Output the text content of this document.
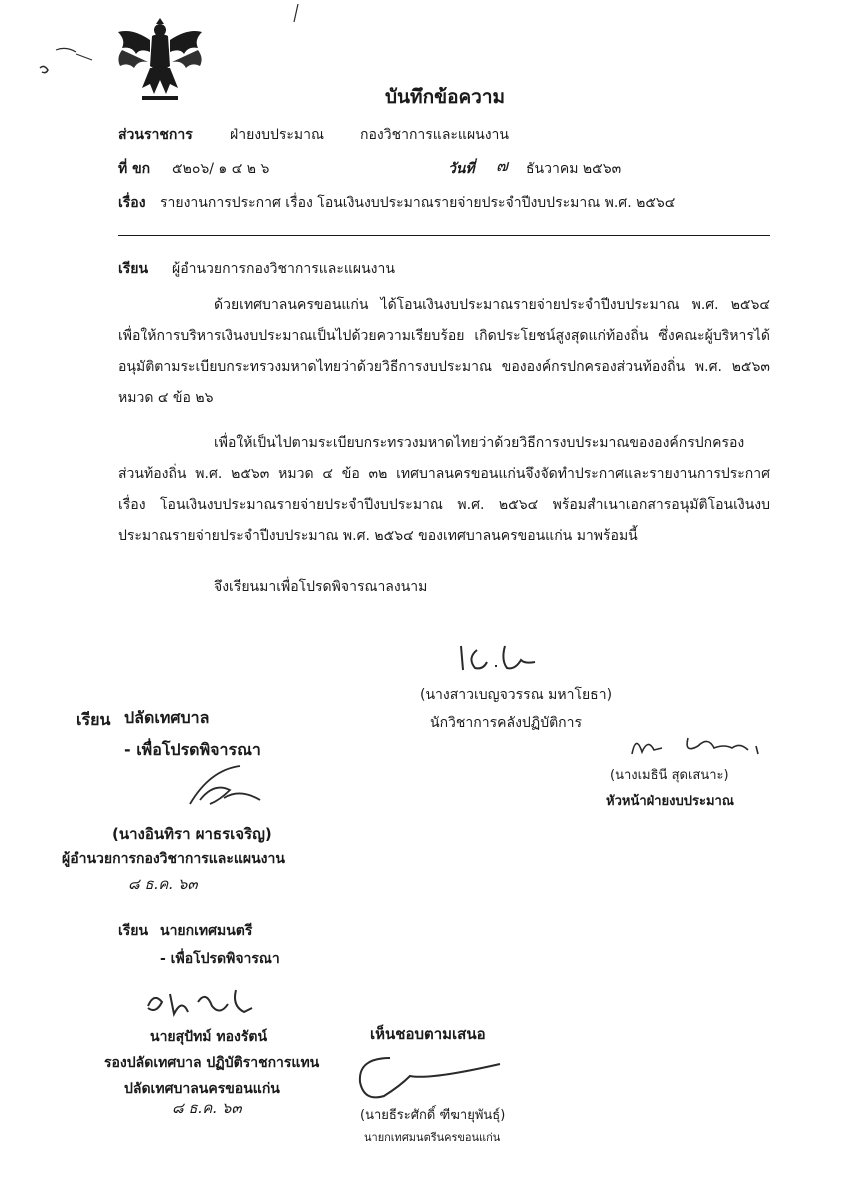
บันทึกข้อความ
ส่วนราชการ	ฝ่ายงบประมาณ	กองวิชาการและแผนงาน
ที่ ขก ๕๒๐๖/ ๑ ๔ ๒ ๖	วันที่ ๗ ธันวาคม ๒๕๖๓
เรื่อง รายงานการประกาศ เรื่อง โอนเงินงบประมาณรายจ่ายประจำปีงบประมาณ พ.ศ. ๒๕๖๔
เรียน ผู้อำนวยการกองวิชาการและแผนงาน
ด้วยเทศบาลนครขอนแก่น ได้โอนเงินงบประมาณรายจ่ายประจำปีงบประมาณ พ.ศ. ๒๕๖๔ เพื่อให้การบริหารเงินงบประมาณเป็นไปด้วยความเรียบร้อย เกิดประโยชน์สูงสุดแก่ท้องถิ่น ซึ่งคณะผู้บริหารได้อนุมัติตามระเบียบกระทรวงมหาดไทยว่าด้วยวิธีการงบประมาณ ขององค์กรปกครองส่วนท้องถิ่น พ.ศ. ๒๕๖๓ หมวด ๔ ข้อ ๒๖
เพื่อให้เป็นไปตามระเบียบกระทรวงมหาดไทยว่าด้วยวิธีการงบประมาณขององค์กรปกครองส่วนท้องถิ่น พ.ศ. ๒๕๖๓ หมวด ๔ ข้อ ๓๒ เทศบาลนครขอนแก่นจึงจัดทำประกาศและรายงานการประกาศ เรื่อง โอนเงินงบประมาณรายจ่ายประจำปีงบประมาณ พ.ศ. ๒๕๖๔ พร้อมสำเนาเอกสารอนุมัติโอนเงินงบประมาณรายจ่ายประจำปีงบประมาณ พ.ศ. ๒๕๖๔ ของเทศบาลนครขอนแก่น มาพร้อมนี้
จึงเรียนมาเพื่อโปรดพิจารณาลงนาม
(นางสาวเบญจวรรณ มหาโยธา)
นักวิชาการคลังปฏิบัติการ
(นางเมธินี สุดเสนาะ)
หัวหน้าฝ่ายงบประมาณ
เรียน ปลัดเทศบาล
- เพื่อโปรดพิจารณา
(นางอินทิรา ผาธรเจริญ)
ผู้อำนวยการกองวิชาการและแผนงาน
๘ ธ.ค. ๖๓
เรียน นายกเทศมนตรี
- เพื่อโปรดพิจารณา
นายสุปัทม์ ทองรัตน์
รองปลัดเทศบาล ปฏิบัติราชการแทน
ปลัดเทศบาลนครขอนแก่น
๘ ธ.ค. ๖๓
เห็นชอบตามเสนอ
(นายธีระศักดิ์ ฑีฆายุพันธุ์)
นายกเทศมนตรีนครขอนแก่น
